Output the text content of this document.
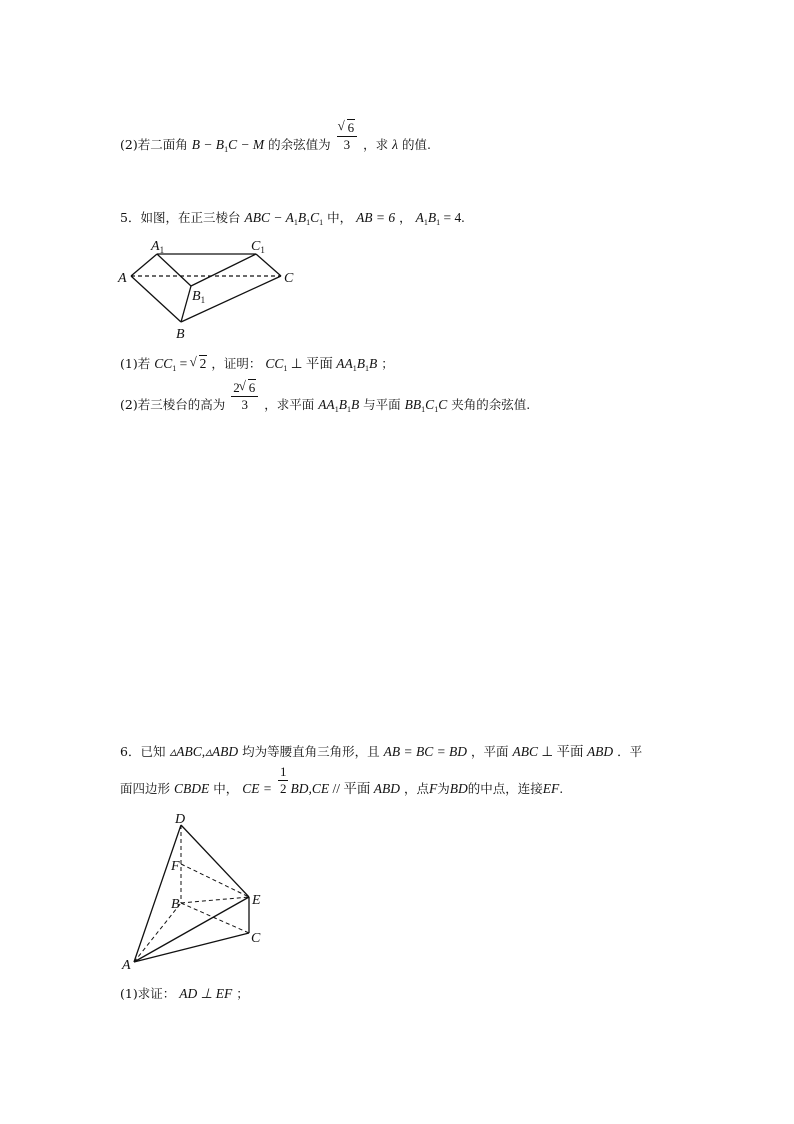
(2)若二面角 $B - B_1C - M$ 的余弦值为 √ $\frac{6}{3}$ ，求 λ 的值.
5．如图，在正三棱台 ABC − $A_1B_1C_1$ 中， AB = 6 ， $A_1B_1 = 4$.
$A_1$	$C_1$
A	C
$B_1$
B
(1)若 $CC_1$ = √ 2 ，证明： $CC_1$ ⊥ 平面 $AA_1B_1B$ ；
(2)若三棱台的高为 $\frac{2 √ 6}{3}$ ，求平面 $AA_1B_1B$ 与平面 $BB_1C_1C$ 夹角的余弦值.
6．已知 ▵ABC,▵ABD 均为等腰直角三角形，且 AB = BC = BD ，平面 ABC ⊥ 平面 ABD ．平
面四边形 CBDE 中， CE = $\frac{1}{2} BD,CE$ // 平面 ABD ，点F为BD的中点，连接EF.
D
F
E
B
C
A
(1)求证： AD ⊥ EF ；
